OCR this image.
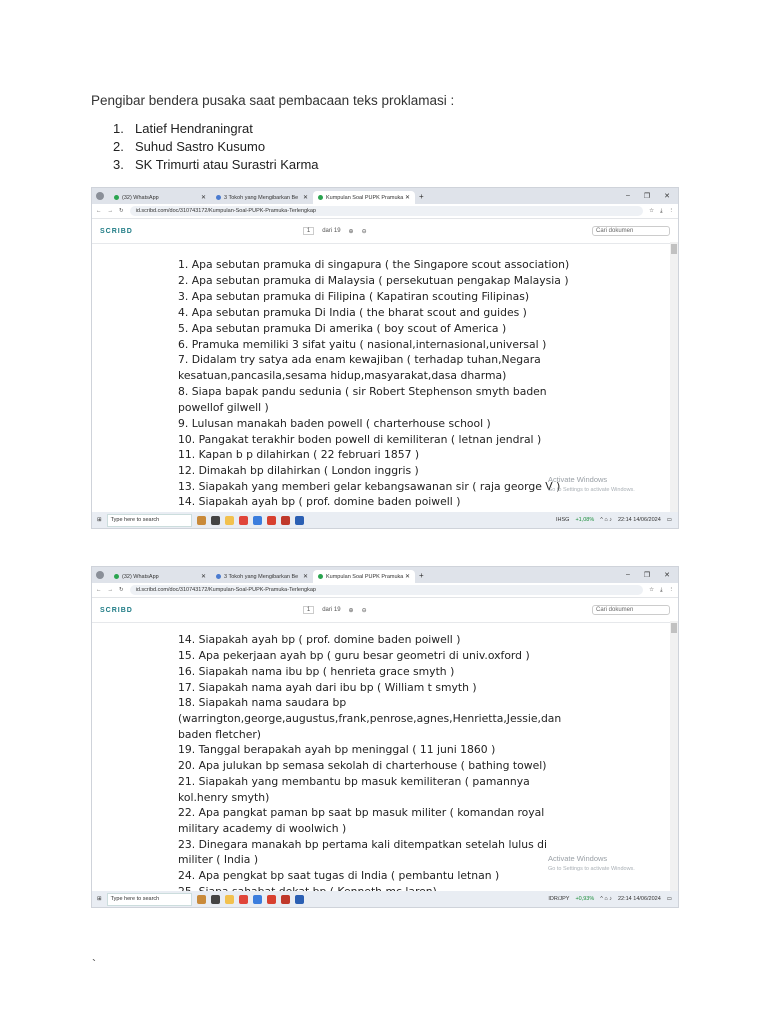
Pengibar bendera pusaka saat pembacaan teks proklamasi :
1. Latief Hendraningrat
2. Suhud Sastro Kusumo
3. SK Trimurti atau Surastri Karma
(32) WhatsApp	✕	3 Tokoh yang Mengibarkan Be ✕	Kumpulan Soal PUPK Pramuka ✕ +	– ❐ ✕
← → ↻	id.scribd.com/doc/310743172/Kumpulan-Soal-PUPK-Pramuka-Terlengkap	☆ ⤓ ⋮
SCRIBD	1	dari 19 ⊕ ⊖	Cari dokumen
1. Apa sebutan pramuka di singapura ( the Singapore scout association)
2. Apa sebutan pramuka di Malaysia ( persekutuan pengakap Malaysia )
3. Apa sebutan pramuka di Filipina ( Kapatiran scouting Filipinas)
4. Apa sebutan pramuka Di India ( the bharat scout and guides )
5. Apa sebutan pramuka Di amerika ( boy scout of America )
6. Pramuka memiliki 3 sifat yaitu ( nasional,internasional,universal )
7. Didalam try satya ada enam kewajiban ( terhadap tuhan,Negara
kesatuan,pancasila,sesama hidup,masyarakat,dasa dharma)
8. Siapa bapak pandu sedunia ( sir Robert Stephenson smyth baden
powellof gilwell )
9. Lulusan manakah baden powell ( charterhouse school )
10. Pangakat terakhir boden powell di kemiliteran ( letnan jendral )
11. Kapan b p dilahirkan ( 22 februari 1857 )
12. Dimakah bp dilahirkan ( London inggris )
13. Siapakah yang memberi gelar kebangsawanan sir ( raja george V )
14. Siapakah ayah bp ( prof. domine baden poiwell )
Activate Windows
Go to Settings to activate Windows.
⊞	Type here to search	IHSG +1,08% ^ ⌂ ♪ 22:14 14/06/2024 ▭
(32) WhatsApp	✕	3 Tokoh yang Mengibarkan Be ✕	Kumpulan Soal PUPK Pramuka ✕ +	– ❐ ✕
← → ↻	id.scribd.com/doc/310743172/Kumpulan-Soal-PUPK-Pramuka-Terlengkap	☆ ⤓ ⋮
SCRIBD	1	dari 19 ⊕ ⊖	Cari dokumen
14. Siapakah ayah bp ( prof. domine baden poiwell )
15. Apa pekerjaan ayah bp ( guru besar geometri di univ.oxford )
16. Siapakah nama ibu bp ( henrieta grace smyth )
17. Siapakah nama ayah dari ibu bp ( William t smyth )
18. Siapakah nama saudara bp
(warrington,george,augustus,frank,penrose,agnes,Henrietta,Jessie,dan
baden fletcher)
19. Tanggal berapakah ayah bp meninggal ( 11 juni 1860 )
20. Apa julukan bp semasa sekolah di charterhouse ( bathing towel)
21. Siapakah yang membantu bp masuk kemiliteran ( pamannya
kol.henry smyth)
22. Apa pangkat paman bp saat bp masuk militer ( komandan royal
military academy di woolwich )
23. Dinegara manakah bp pertama kali ditempatkan setelah lulus di
militer ( India )
24. Apa pengkat bp saat tugas di India ( pembantu letnan )
Activate Windows
Go to Settings to activate Windows.
⊞	Type here to search	IDR/JPY +0,93% ^ ⌂ ♪ 22:14 14/06/2024 ▭
`
